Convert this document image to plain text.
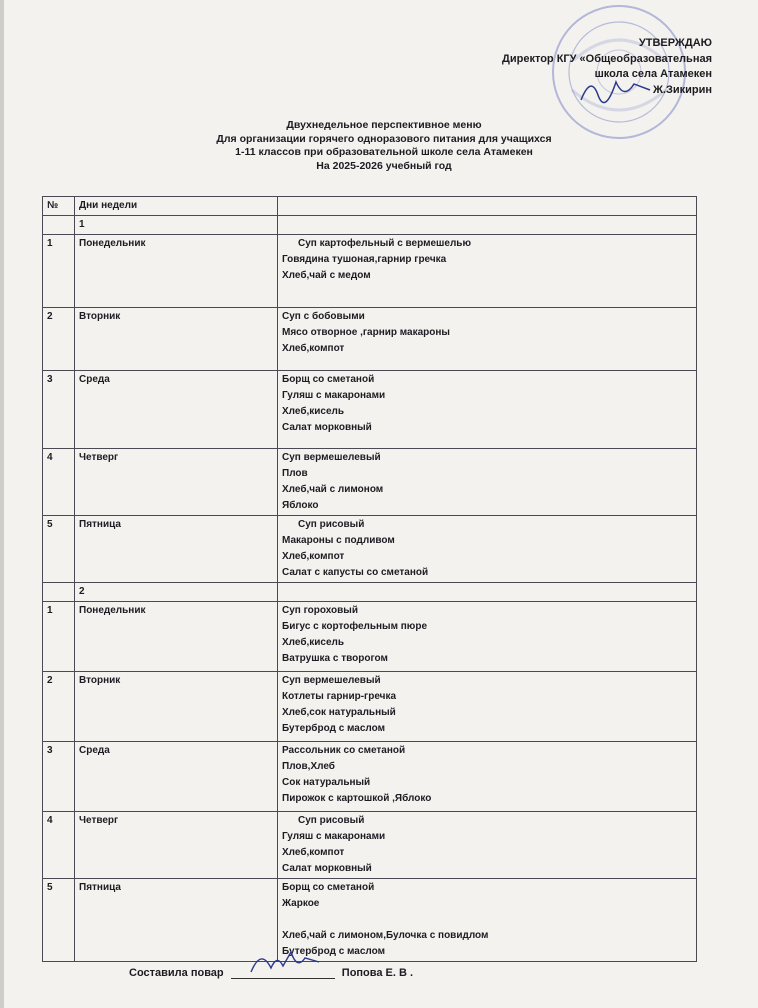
УТВЕРЖДАЮ
Директор КГУ «Общеобразовательная
школа села Атамекен
Ж.Зикирин
Двухнедельное перспективное меню
Для организации горячего одноразового питания для учащихся
1-11 классов при образовательной школе села Атамекен
На 2025-2026 учебный год
№	Дни недели	
	1	
1	Понедельник	Суп картофельный с вермешелью
Говядина тушоная,гарнир гречка
Хлеб,чай с медом

2	Вторник	Суп с бобовыми
Мясо отворное ,гарнир макароны
Хлеб,компот

3	Среда	Борщ со сметаной
Гуляш с макаронами
Хлеб,кисель
Салат морковный

4	Четверг	Суп вермешелевый
Плов
Хлеб,чай с лимоном
Яблоко

5	Пятница	Суп рисовый
Макароны с подливом
Хлеб,компот
Салат с капусты со сметаной

	2	
1	Понедельник	Суп гороховый
Бигус с кортофельным пюре
Хлеб,кисель
Ватрушка с творогом

2	Вторник	Суп вермешелевый
Котлеты гарнир-гречка
Хлеб,сок натуральный
Бутерброд с маслом

3	Среда	Рассольник со сметаной
Плов,Хлеб
Сок натуральный
Пирожок с картошкой ,Яблоко

4	Четверг	Суп рисовый
Гуляш с макаронами
Хлеб,компот
Салат морковный

5	Пятница	Борщ со сметаной
Жаркое

Хлеб,чай с лимоном,Булочка с повидлом
Бутерброд с маслом
Составила повар	Попова Е. В .
